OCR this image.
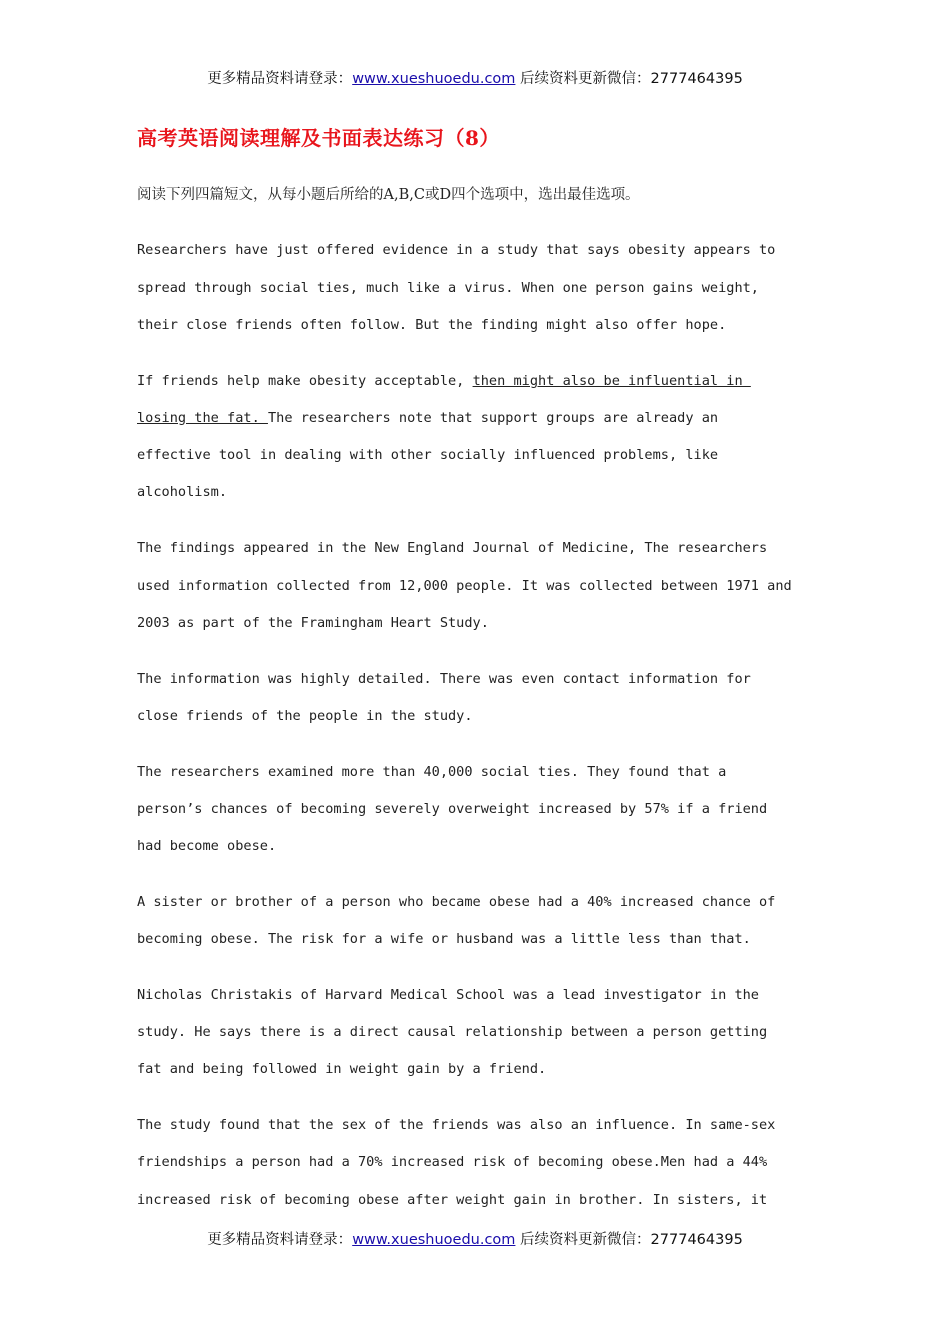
更多精品资料请登录：www.xueshuoedu.com 后续资料更新微信：2777464395
高考英语阅读理解及书面表达练习（8）
阅读下列四篇短文，从每小题后所给的A,B,C或D四个选项中，选出最佳选项。
Researchers have just offered evidence in a study that says obesity appears to
spread through social ties, much like a virus. When one person gains weight,
their close friends often follow. But the finding might also offer hope.
If friends help make obesity acceptable, then might also be influential in
losing the fat. The researchers note that support groups are already an
effective tool in dealing with other socially influenced problems, like
alcoholism.
The findings appeared in the New England Journal of Medicine, The researchers
used information collected from 12,000 people. It was collected between 1971 and
2003 as part of the Framingham Heart Study.
The information was highly detailed. There was even contact information for
close friends of the people in the study.
The researchers examined more than 40,000 social ties. They found that a
person’s chances of becoming severely overweight increased by 57% if a friend
had become obese.
A sister or brother of a person who became obese had a 40% increased chance of
becoming obese. The risk for a wife or husband was a little less than that.
Nicholas Christakis of Harvard Medical School was a lead investigator in the
study. He says there is a direct causal relationship between a person getting
fat and being followed in weight gain by a friend.
The study found that the sex of the friends was also an influence. In same-sex
friendships a person had a 70% increased risk of becoming obese.Men had a 44%
increased risk of becoming obese after weight gain in brother. In sisters, it
更多精品资料请登录：www.xueshuoedu.com 后续资料更新微信：2777464395
